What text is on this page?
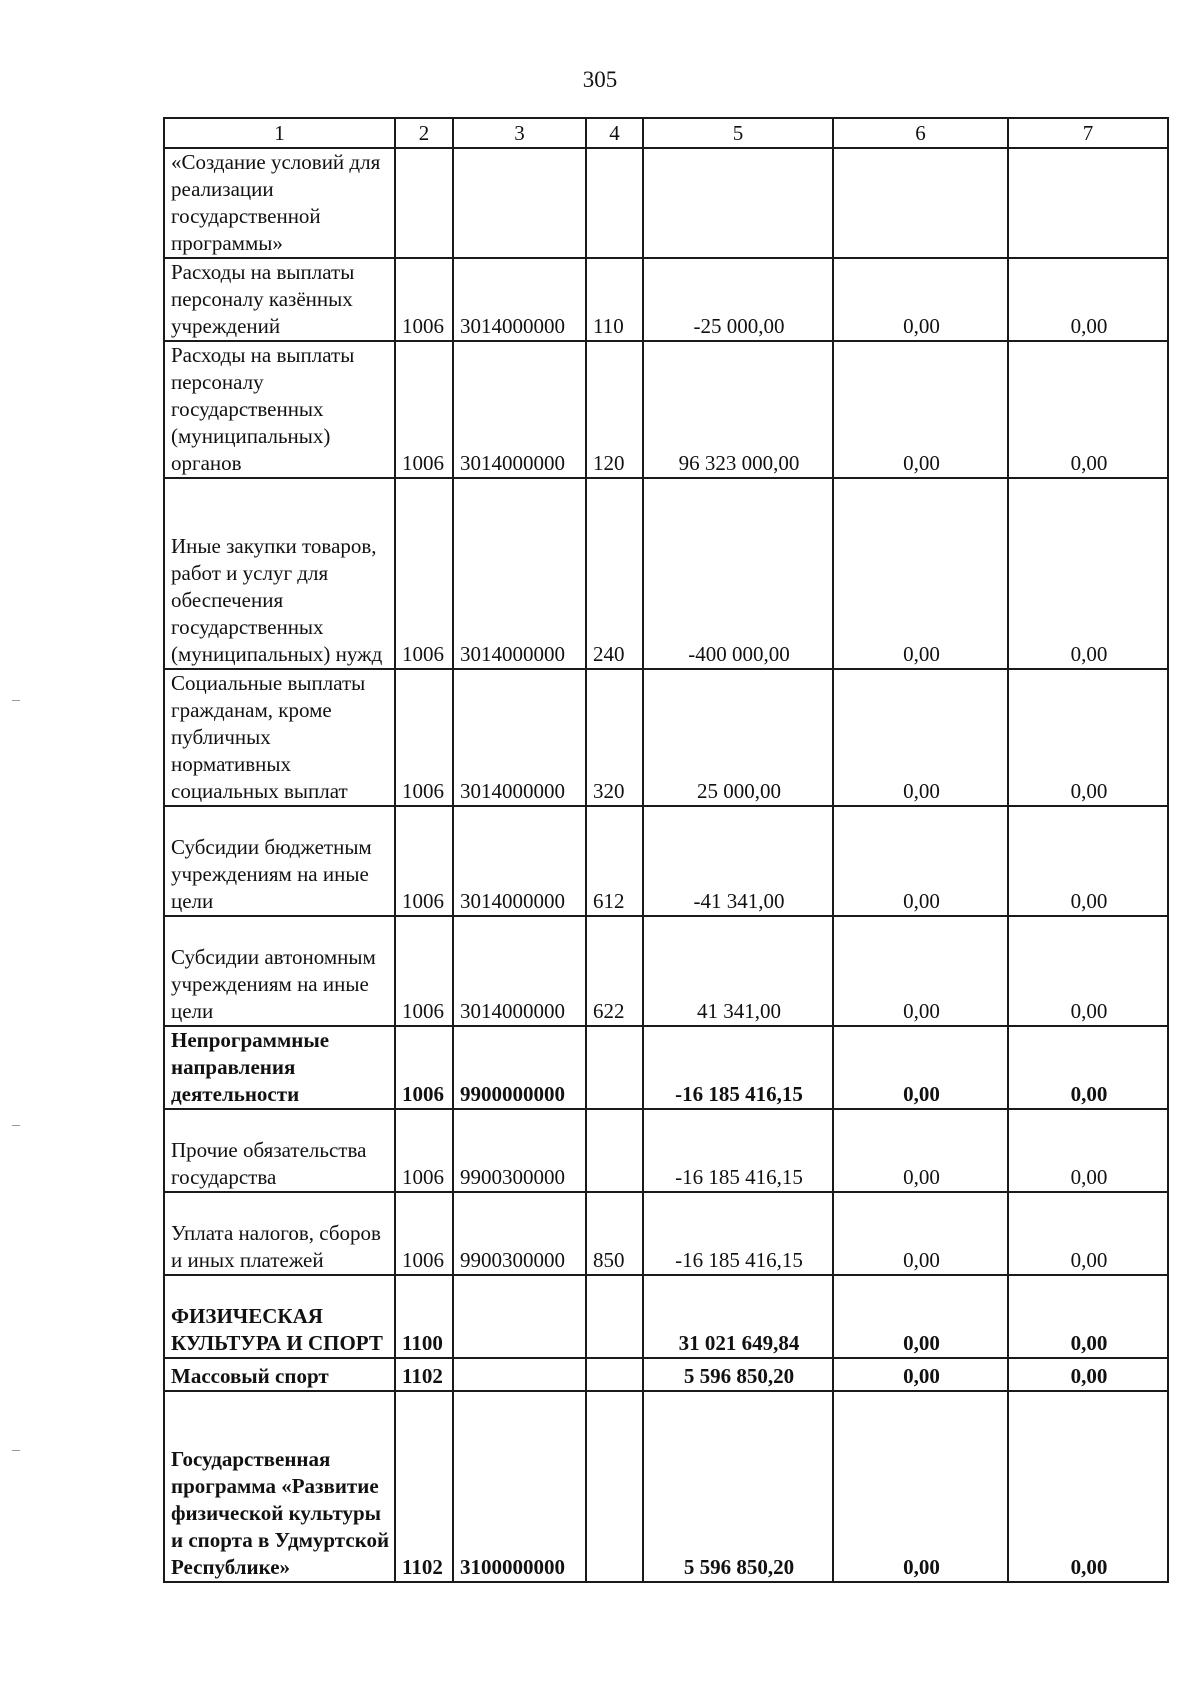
305
1	2	3	4	5	6	7
«Создание условий для реализации государственной программы»						
Расходы на выплаты персоналу казённых учреждений	1006	3014000000	110	-25 000,00	0,00	0,00
Расходы на выплаты персоналу государственных (муниципальных) органов	1006	3014000000	120	96 323 000,00	0,00	0,00
Иные закупки товаров, работ и услуг для обеспечения государственных (муниципальных) нужд	1006	3014000000	240	-400 000,00	0,00	0,00
Социальные выплаты гражданам, кроме публичных нормативных социальных выплат	1006	3014000000	320	25 000,00	0,00	0,00
Субсидии бюджетным учреждениям на иные цели	1006	3014000000	612	-41 341,00	0,00	0,00
Субсидии автономным учреждениям на иные цели	1006	3014000000	622	41 341,00	0,00	0,00
Непрограммные направления деятельности	1006	9900000000		-16 185 416,15	0,00	0,00
Прочие обязательства государства	1006	9900300000		-16 185 416,15	0,00	0,00
Уплата налогов, сборов и иных платежей	1006	9900300000	850	-16 185 416,15	0,00	0,00
ФИЗИЧЕСКАЯ КУЛЬТУРА И СПОРТ	1100			31 021 649,84	0,00	0,00
Массовый спорт	1102			5 596 850,20	0,00	0,00
Государственная программа «Развитие физической культуры и спорта в Удмуртской Республике»	1102	3100000000		5 596 850,20	0,00	0,00
